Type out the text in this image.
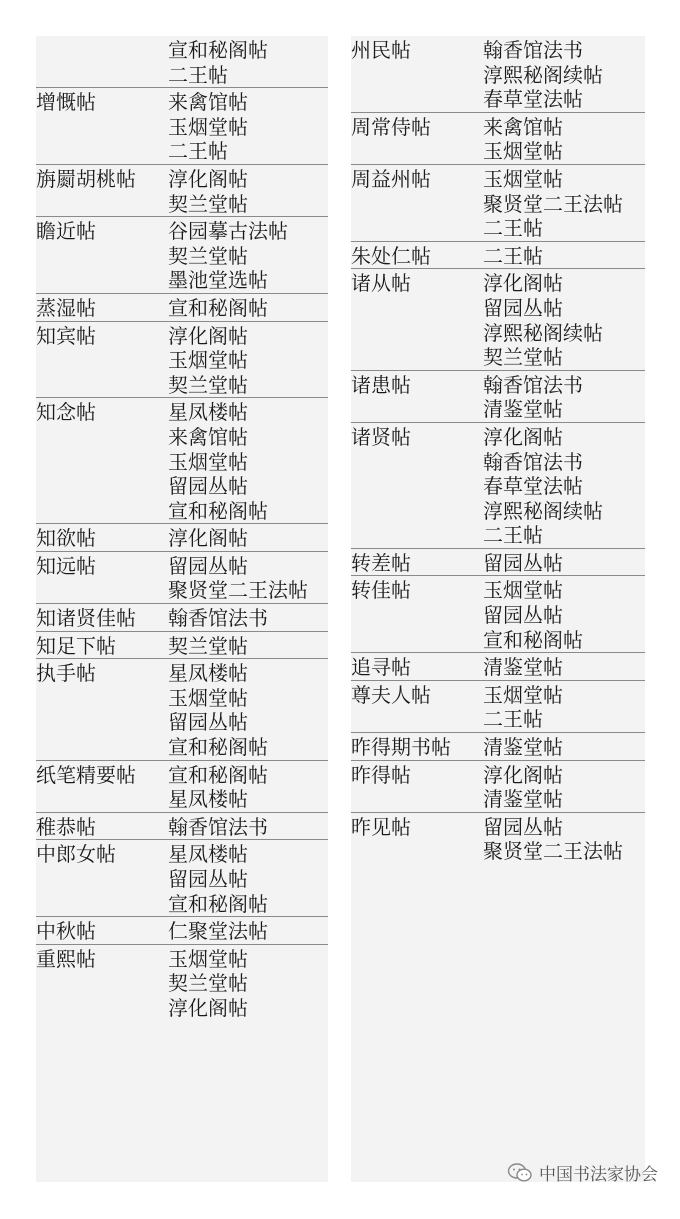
宣和秘阁帖
二王帖
增慨帖	来禽馆帖
玉烟堂帖
二王帖
旃罽胡桃帖	淳化阁帖
契兰堂帖
瞻近帖	谷园摹古法帖
契兰堂帖
墨池堂选帖
蒸湿帖	宣和秘阁帖
知宾帖	淳化阁帖
玉烟堂帖
契兰堂帖
知念帖	星凤楼帖
来禽馆帖
玉烟堂帖
留园丛帖
宣和秘阁帖
知欲帖	淳化阁帖
知远帖	留园丛帖
聚贤堂二王法帖
知诸贤佳帖	翰香馆法书
知足下帖	契兰堂帖
执手帖	星凤楼帖
玉烟堂帖
留园丛帖
宣和秘阁帖
纸笔精要帖	宣和秘阁帖
星凤楼帖
稚恭帖	翰香馆法书
中郎女帖	星凤楼帖
留园丛帖
宣和秘阁帖
中秋帖	仁聚堂法帖
重熙帖	玉烟堂帖
契兰堂帖
淳化阁帖
州民帖	翰香馆法书
淳熙秘阁续帖
春草堂法帖
周常侍帖	来禽馆帖
玉烟堂帖
周益州帖	玉烟堂帖
聚贤堂二王法帖
二王帖
朱处仁帖	二王帖
诸从帖	淳化阁帖
留园丛帖
淳熙秘阁续帖
契兰堂帖
诸患帖	翰香馆法书
清鉴堂帖
诸贤帖	淳化阁帖
翰香馆法书
春草堂法帖
淳熙秘阁续帖
二王帖
转差帖	留园丛帖
转佳帖	玉烟堂帖
留园丛帖
宣和秘阁帖
追寻帖	清鉴堂帖
尊夫人帖	玉烟堂帖
二王帖
昨得期书帖	清鉴堂帖
昨得帖	淳化阁帖
清鉴堂帖
昨见帖	留园丛帖
聚贤堂二王法帖
中国书法家协会
